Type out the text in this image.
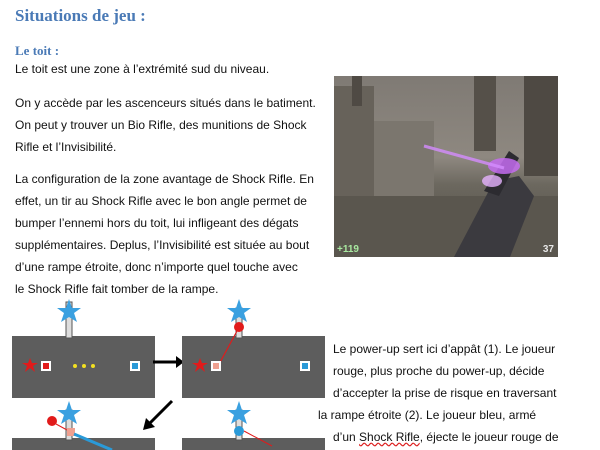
Situations de jeu :
Le toit :

Le toit est une zone à l’extrémité sud du niveau.

On y accède par les ascenceurs situés dans le batiment.
On peut y trouver un Bio Rifle, des munitions de Shock
Rifle et l’Invisibilité.

La configuration de la zone avantage de Shock Rifle. En
effet, un tir au Shock Rifle avec le bon angle permet de
bumper l’ennemi hors du toit, lui infligeant des dégats
supplémentaires. Deplus, l’Invisibilité est située au bout
d’une rampe étroite, donc n’importe quel touche avec
le Shock Rifle fait tomber de la rampe.

+119	37
Le power-up sert ici d’appât (1). Le joueur
rouge, plus proche du power-up, décide
d’accepter la prise de risque en traversant
la rampe étroite (2). Le joueur bleu, armé
d’un Shock Rifle, éjecte le joueur rouge de
